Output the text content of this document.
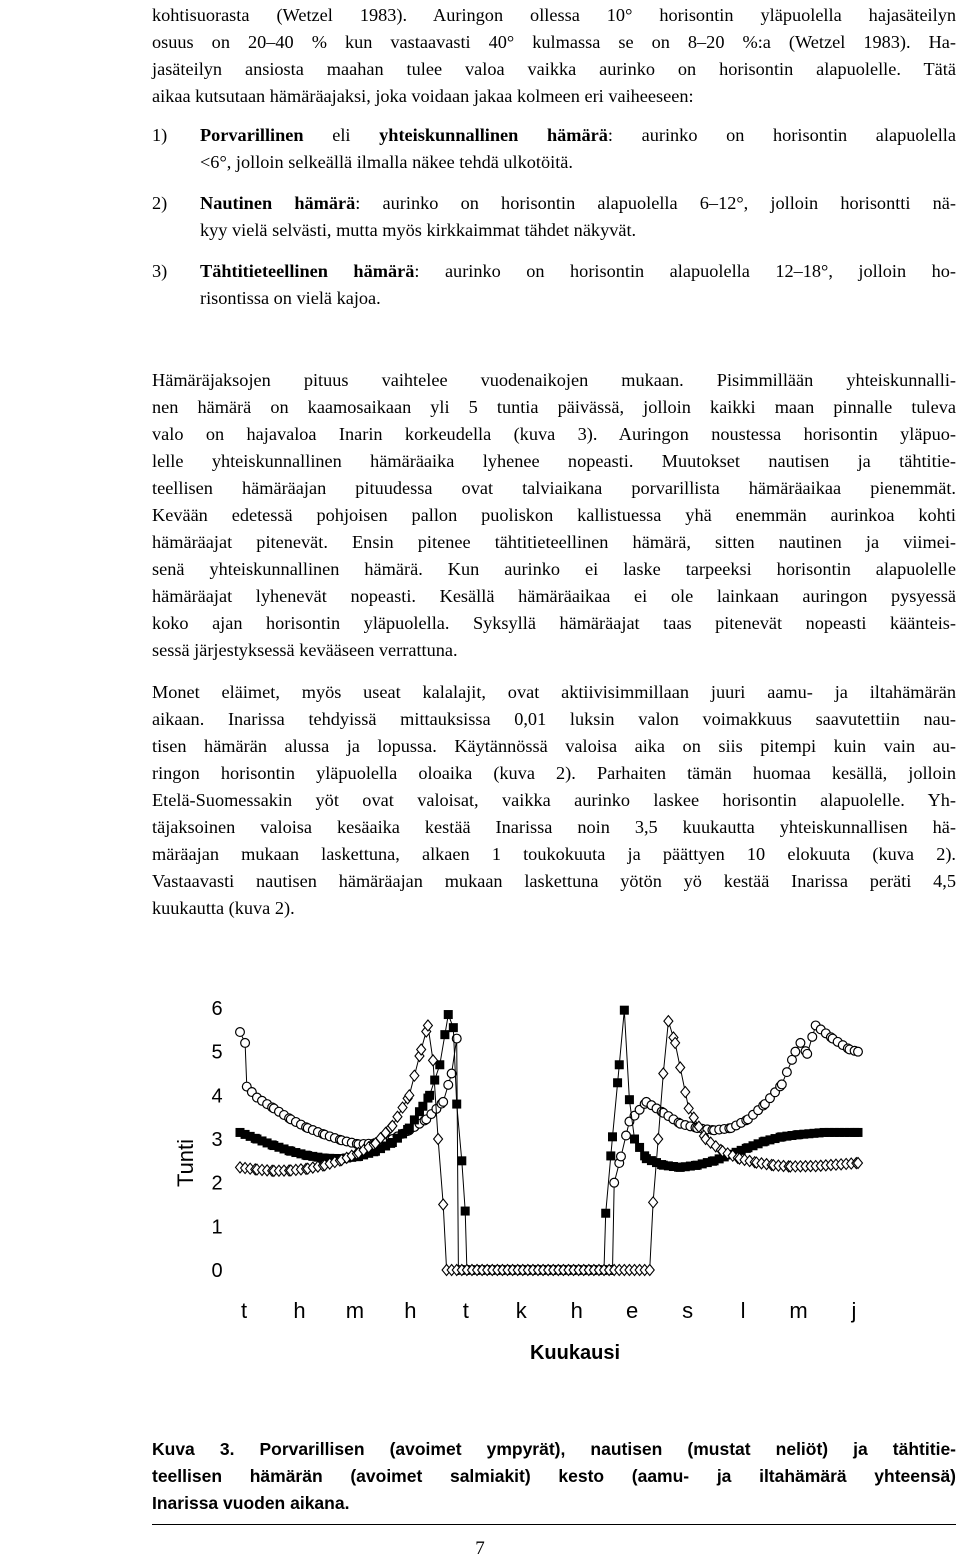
kohtisuorasta (Wetzel 1983). Auringon ollessa 10° horisontin yläpuolella hajasäteilyn
osuus on 20–40 % kun vastaavasti 40° kulmassa se on 8–20 %:a (Wetzel 1983). Ha-
jasäteilyn ansiosta maahan tulee valoa vaikka aurinko on horisontin alapuolelle. Tätä
aikaa kutsutaan hämäräajaksi, joka voidaan jakaa kolmeen eri vaiheeseen:

1) Porvarillinen eli yhteiskunnallinen hämärä: aurinko on horisontin alapuolella
<6°, jolloin selkeällä ilmalla näkee tehdä ulkotöitä.

2) Nautinen hämärä: aurinko on horisontin alapuolella 6–12°, jolloin horisontti nä-
kyy vielä selvästi, mutta myös kirkkaimmat tähdet näkyvät.

3) Tähtitieteellinen hämärä: aurinko on horisontin alapuolella 12–18°, jolloin ho-
risontissa on vielä kajoa.

Hämäräjaksojen pituus vaihtelee vuodenaikojen mukaan. Pisimmillään yhteiskunnalli-
nen hämärä on kaamosaikaan yli 5 tuntia päivässä, jolloin kaikki maan pinnalle tuleva
valo on hajavaloa Inarin korkeudella (kuva 3). Auringon noustessa horisontin yläpuo-
lelle yhteiskunnallinen hämäräaika lyhenee nopeasti. Muutokset nautisen ja tähtitie-
teellisen hämäräajan pituudessa ovat talviaikana porvarillista hämäräaikaa pienemmät.
Kevään edetessä pohjoisen pallon puoliskon kallistuessa yhä enemmän aurinkoa kohti
hämäräajat pitenevät. Ensin pitenee tähtitieteellinen hämärä, sitten nautinen ja viimei-
senä yhteiskunnallinen hämärä. Kun aurinko ei laske tarpeeksi horisontin alapuolelle
hämäräajat lyhenevät nopeasti. Kesällä hämäräaikaa ei ole lainkaan auringon pysyessä
koko ajan horisontin yläpuolella. Syksyllä hämäräajat taas pitenevät nopeasti käänteis-
sessä järjestyksessä kevääseen verrattuna.

Monet eläimet, myös useat kalalajit, ovat aktiivisimmillaan juuri aamu- ja iltahämärän
aikaan. Inarissa tehdyissä mittauksissa 0,01 luksin valon voimakkuus saavutettiin nau-
tisen hämärän alussa ja lopussa. Käytännössä valoisa aika on siis pitempi kuin vain au-
ringon horisontin yläpuolella oloaika (kuva 2). Parhaiten tämän huomaa kesällä, jolloin
Etelä-Suomessakin yöt ovat valoisat, vaikka aurinko laskee horisontin alapuolelle. Yh-
täjaksoinen valoisa kesäaika kestää Inarissa noin 3,5 kuukautta yhteiskunnallisen hä-
märäajan mukaan laskettuna, alkaen 1 toukokuuta ja päättyen 10 elokuuta (kuva 2).
Vastaavasti nautisen hämäräajan mukaan laskettuna yötön yö kestää Inarissa peräti 4,5
kuukautta (kuva 2).

0
1
2
3
4
5
6
t h m h t k h e s l m j
Tunti
Kuukausi
Kuva 3. Porvarillisen (avoimet ympyrät), nautisen (mustat neliöt) ja tähtitie-
teellisen hämärän (avoimet salmiakit) kesto (aamu- ja iltahämärä yhteensä)
Inarissa vuoden aikana.
7
